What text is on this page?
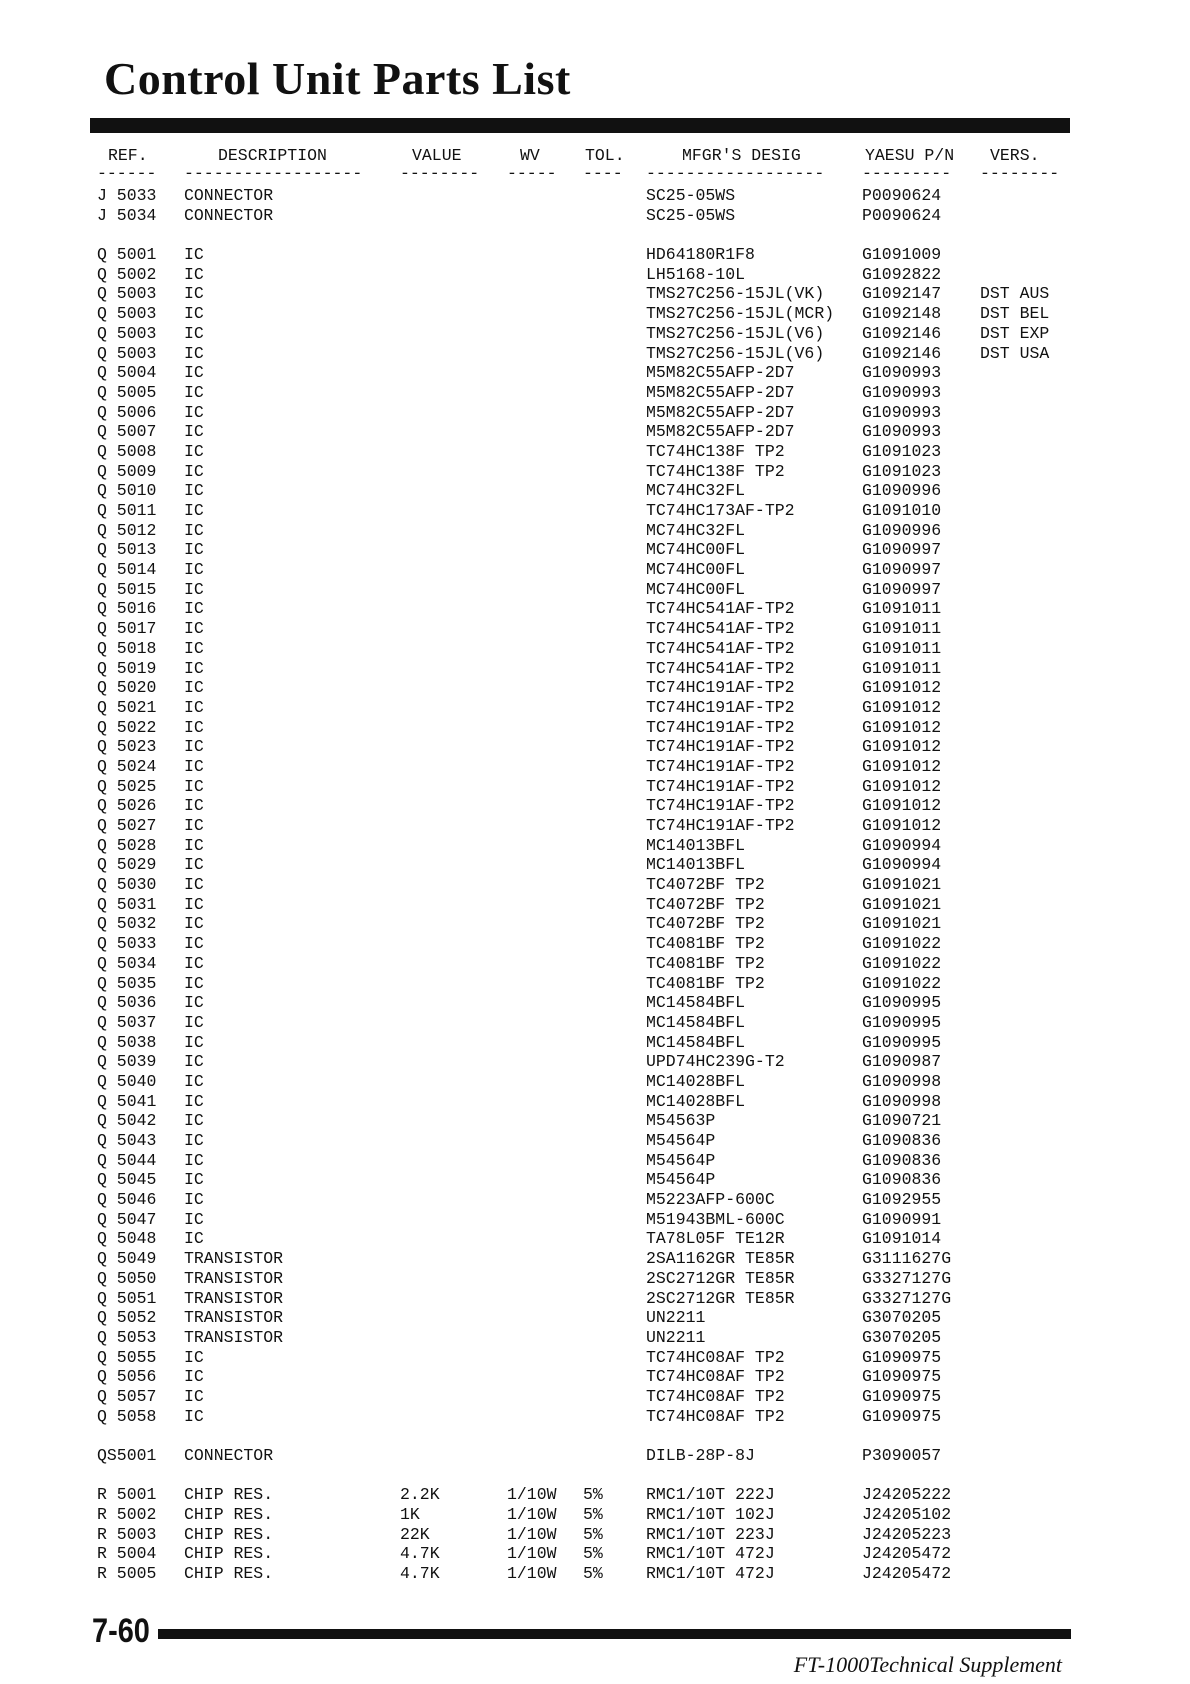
Control Unit Parts List
REF.	DESCRIPTION	VALUE	WV	TOL.	MFGR'S DESIG	YAESU P/N VERS.
------ ------------------ -------- ----- ---- ------------------ --------- --------
J 5033 CONNECTOR	SC25-05WS	P0090624
J 5034 CONNECTOR	SC25-05WS	P0090624
Q 5001 IC	HD64180R1F8	G1091009
Q 5002 IC	LH5168-10L	G1092822
Q 5003 IC	TMS27C256-15JL(VK) G1092147 DST AUS
Q 5003 IC	TMS27C256-15JL(MCR) G1092148 DST BEL
Q 5003 IC	TMS27C256-15JL(V6) G1092146 DST EXP
Q 5003 IC	TMS27C256-15JL(V6) G1092146 DST USA
Q 5004 IC	M5M82C55AFP-2D7	G1090993
Q 5005 IC	M5M82C55AFP-2D7	G1090993
Q 5006 IC	M5M82C55AFP-2D7	G1090993
Q 5007 IC	M5M82C55AFP-2D7	G1090993
Q 5008 IC	TC74HC138F TP2	G1091023
Q 5009 IC	TC74HC138F TP2	G1091023
Q 5010 IC	MC74HC32FL	G1090996
Q 5011 IC	TC74HC173AF-TP2	G1091010
Q 5012 IC	MC74HC32FL	G1090996
Q 5013 IC	MC74HC00FL	G1090997
Q 5014 IC	MC74HC00FL	G1090997
Q 5015 IC	MC74HC00FL	G1090997
Q 5016 IC	TC74HC541AF-TP2	G1091011
Q 5017 IC	TC74HC541AF-TP2	G1091011
Q 5018 IC	TC74HC541AF-TP2	G1091011
Q 5019 IC	TC74HC541AF-TP2	G1091011
Q 5020 IC	TC74HC191AF-TP2	G1091012
Q 5021 IC	TC74HC191AF-TP2	G1091012
Q 5022 IC	TC74HC191AF-TP2	G1091012
Q 5023 IC	TC74HC191AF-TP2	G1091012
Q 5024 IC	TC74HC191AF-TP2	G1091012
Q 5025 IC	TC74HC191AF-TP2	G1091012
Q 5026 IC	TC74HC191AF-TP2	G1091012
Q 5027 IC	TC74HC191AF-TP2	G1091012
Q 5028 IC	MC14013BFL	G1090994
Q 5029 IC	MC14013BFL	G1090994
Q 5030 IC	TC4072BF TP2	G1091021
Q 5031 IC	TC4072BF TP2	G1091021
Q 5032 IC	TC4072BF TP2	G1091021
Q 5033 IC	TC4081BF TP2	G1091022
Q 5034 IC	TC4081BF TP2	G1091022
Q 5035 IC	TC4081BF TP2	G1091022
Q 5036 IC	MC14584BFL	G1090995
Q 5037 IC	MC14584BFL	G1090995
Q 5038 IC	MC14584BFL	G1090995
Q 5039 IC	UPD74HC239G-T2	G1090987
Q 5040 IC	MC14028BFL	G1090998
Q 5041 IC	MC14028BFL	G1090998
Q 5042 IC	M54563P	G1090721
Q 5043 IC	M54564P	G1090836
Q 5044 IC	M54564P	G1090836
Q 5045 IC	M54564P	G1090836
Q 5046 IC	M5223AFP-600C	G1092955
Q 5047 IC	M51943BML-600C	G1090991
Q 5048 IC	TA78L05F TE12R	G1091014
Q 5049 TRANSISTOR	2SA1162GR TE85R	G3111627G
Q 5050 TRANSISTOR	2SC2712GR TE85R	G3327127G
Q 5051 TRANSISTOR	2SC2712GR TE85R	G3327127G
Q 5052 TRANSISTOR	UN2211	G3070205
Q 5053 TRANSISTOR	UN2211	G3070205
Q 5055 IC	TC74HC08AF TP2	G1090975
Q 5056 IC	TC74HC08AF TP2	G1090975
Q 5057 IC	TC74HC08AF TP2	G1090975
Q 5058 IC	TC74HC08AF TP2	G1090975
QS5001 CONNECTOR	DILB-28P-8J	P3090057
R 5001 CHIP RES.	2.2K	1/10W 5%	RMC1/10T 222J	J24205222
R 5002 CHIP RES.	1K	1/10W 5%	RMC1/10T 102J	J24205102
R 5003 CHIP RES.	22K	1/10W 5%	RMC1/10T 223J	J24205223
R 5004 CHIP RES.	4.7K	1/10W 5%	RMC1/10T 472J	J24205472
R 5005 CHIP RES.	4.7K	1/10W 5%	RMC1/10T 472J	J24205472
7-60
FT-1000Technical Supplement
